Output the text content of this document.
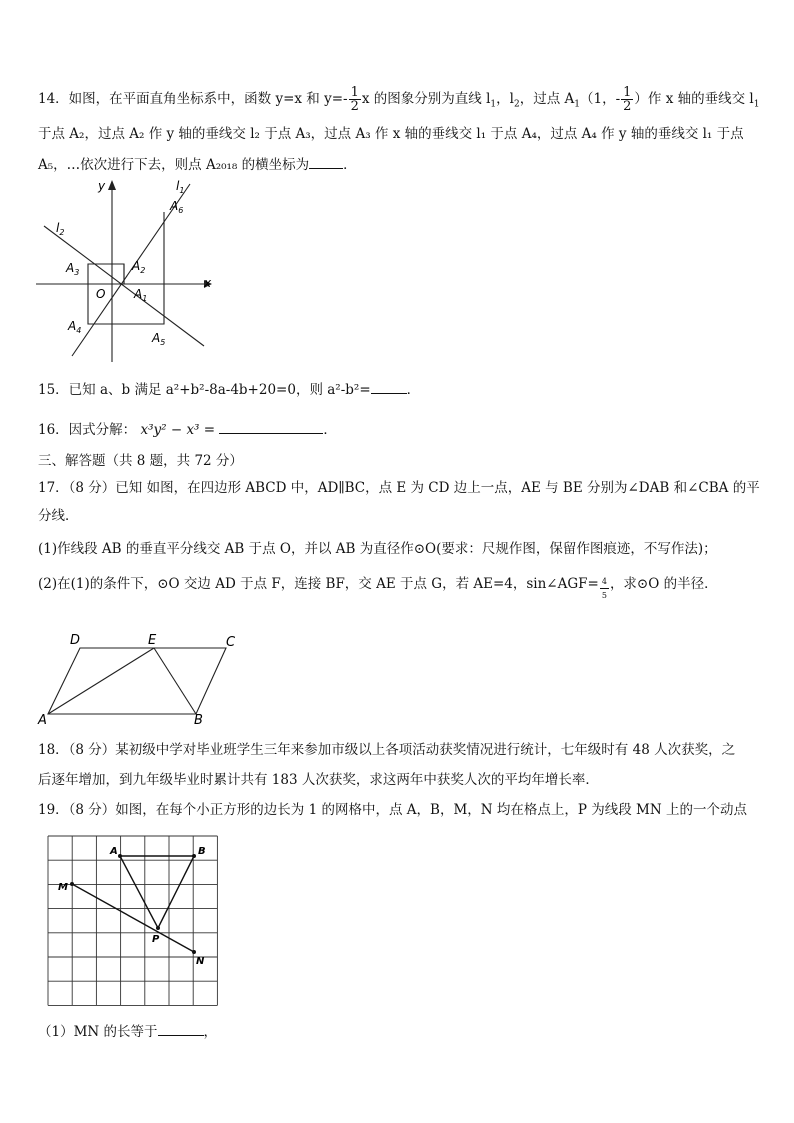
14．如图，在平面直角坐标系中，函数 y=x 和 $y=- \frac{1}{2}$ x 的图象分别为直线 $l_1$，$l_2$，过点 $A_1(1$，- $\frac{1}{2}$ ）作 x 轴的垂线交 $l_1$
于点 A₂，过点 A₂ 作 y 轴的垂线交 l₂ 于点 A₃，过点 A₃ 作 x 轴的垂线交 l₁ 于点 A₄，过点 A₄ 作 y 轴的垂线交 l₁ 于点
A₅，…依次进行下去，则点 A₂₀₁₈ 的横坐标为	．
x
y
O
$l_1$
$l_2$
$A_1$
$A_2$
$A_3$
$A_4$
$A_5$
$A_6$
15．已知 a、b 满足 a²+b²-8a-4b+20=0，则 a²-b²=	．
16．因式分解： x³y² − x³ =	．
三、解答题（共 8 题，共 72 分）
17．（8 分）已知 如图，在四边形 ABCD 中，AD∥BC，点 E 为 CD 边上一点，AE 与 BE 分别为∠DAB 和∠CBA 的平
分线．
(1)作线段 AB 的垂直平分线交 AB 于点 O，并以 AB 为直径作⊙O(要求：尺规作图，保留作图痕迹，不写作法)；
(2)在(1)的条件下，⊙O 交边 AD 于点 F，连接 BF，交 AE 于点 G，若 AE=4，sin∠AGF= $\frac{4}{5}$ ，求⊙O 的半径．
D	E	C
A	B
18．（8 分）某初级中学对毕业班学生三年来参加市级以上各项活动获奖情况进行统计，七年级时有 48 人次获奖，之
后逐年增加，到九年级毕业时累计共有 183 人次获奖，求这两年中获奖人次的平均年增长率．
19．（8 分）如图，在每个小正方形的边长为 1 的网格中，点 A，B，M，N 均在格点上，P 为线段 MN 上的一个动点
A	B
M
N
P
（1）MN 的长等于	，
